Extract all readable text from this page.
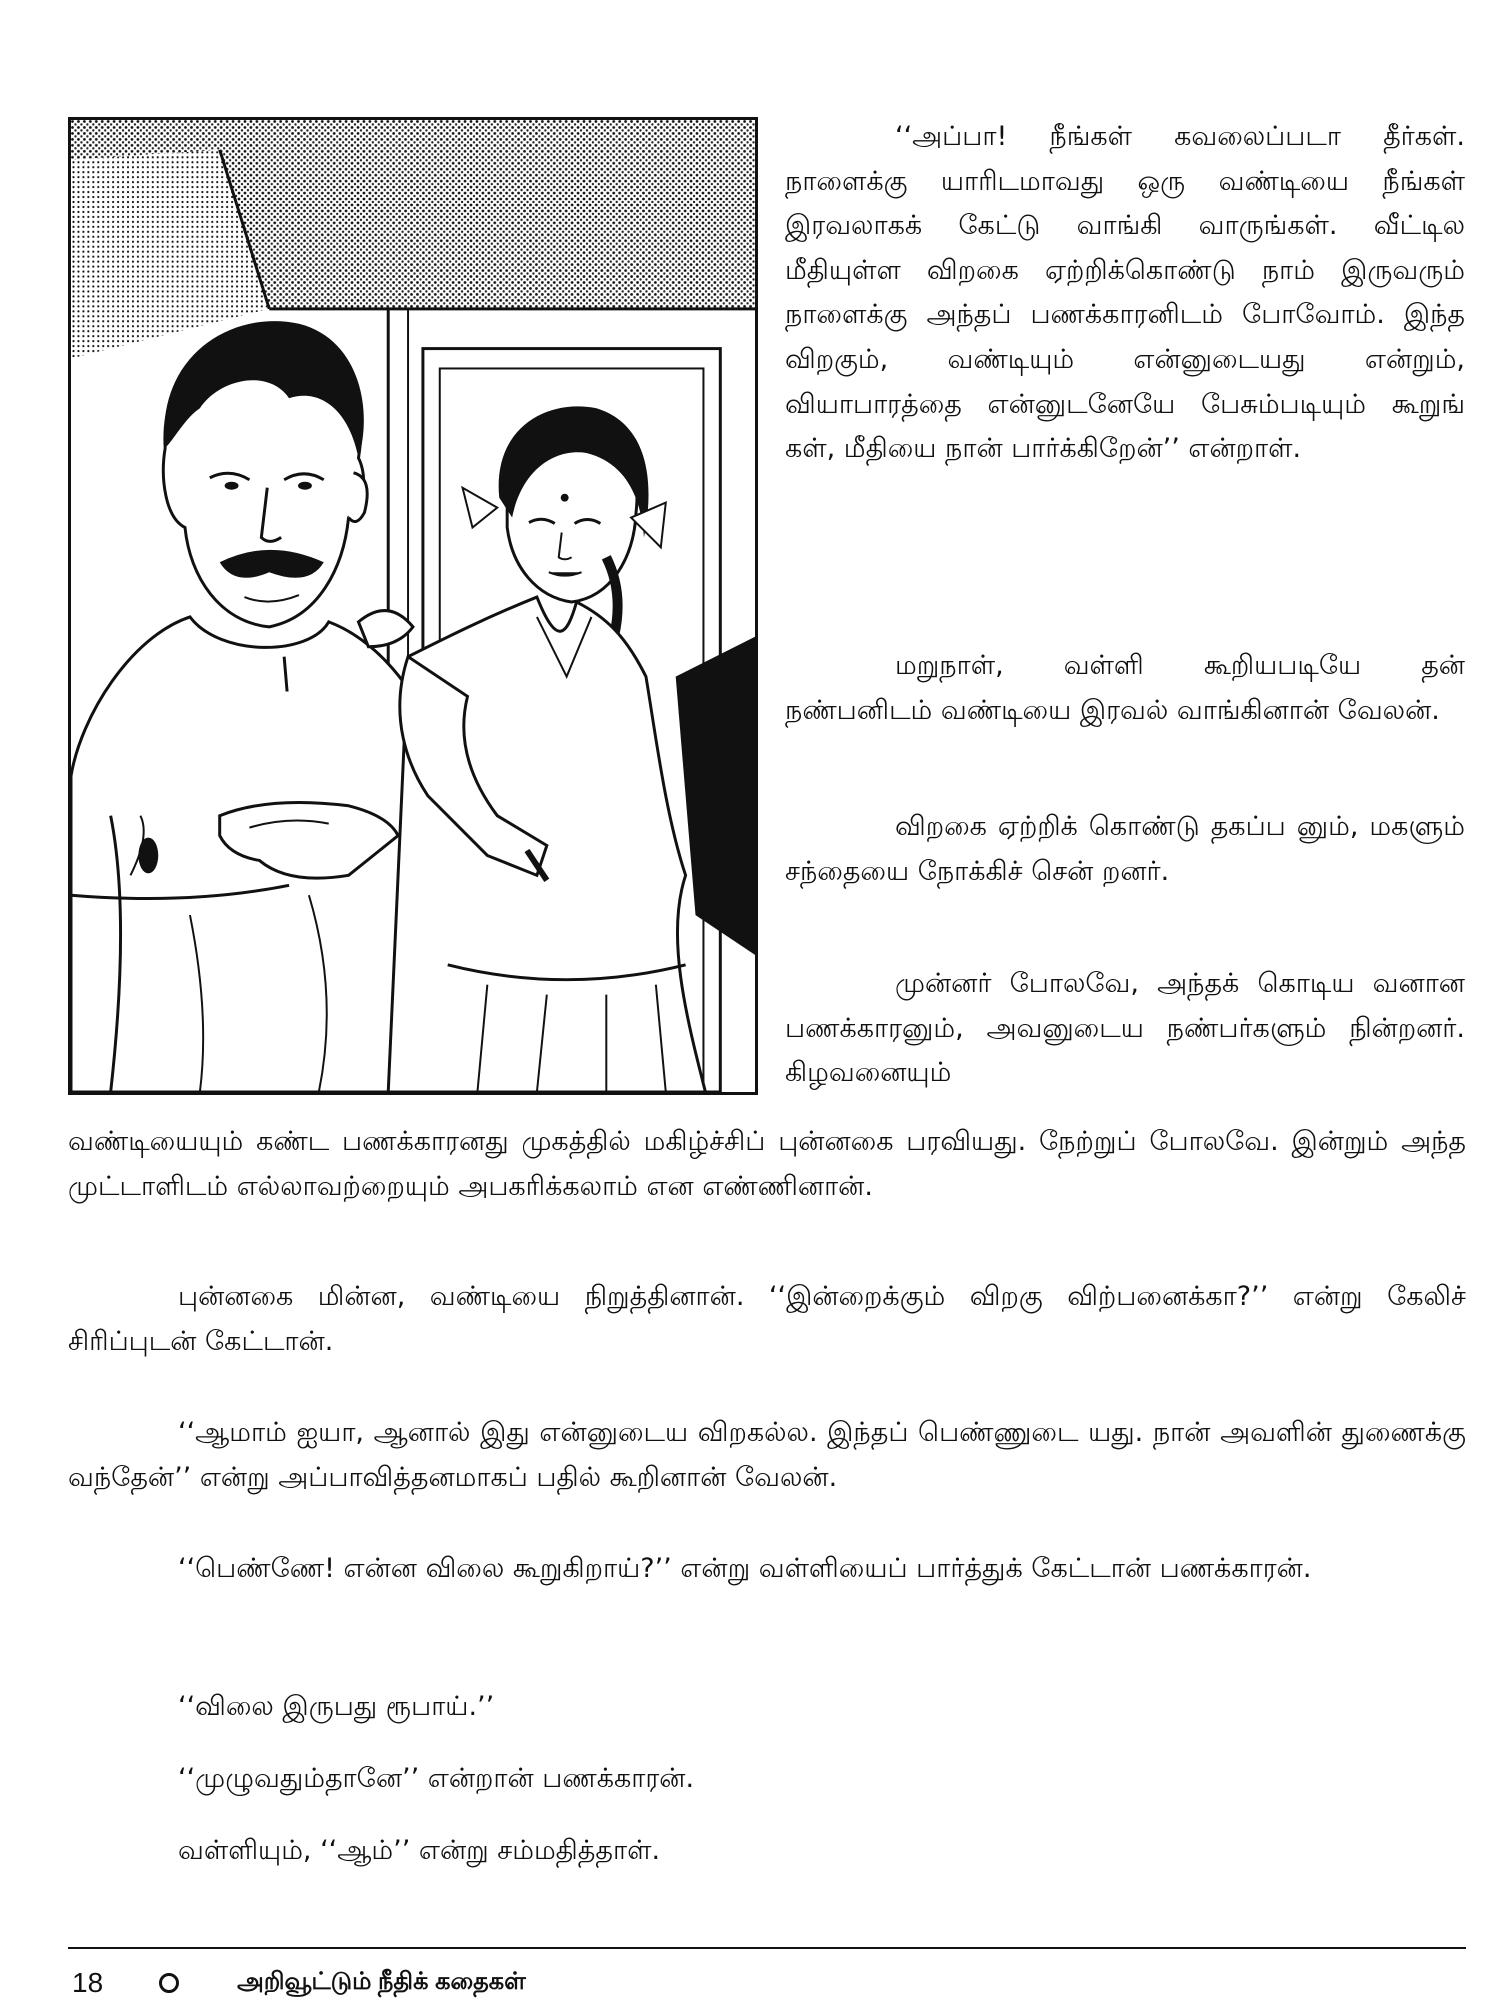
‘‘அப்பா! நீங்கள் கவலைப்படா தீர்கள். நாளைக்கு யாரிடமாவது ஒரு வண்டியை நீங்கள் இரவலாகக் கேட்டு வாங்கி வாருங்கள். வீட்டில மீதியுள்ள விறகை ஏற்றிக்கொண்டு நாம் இருவரும் நாளைக்கு அந்தப் பணக்காரனிடம் போவோம். இந்த விறகும், வண்டியும் என்னுடையது என்றும், வியாபாரத்தை என்னுடனேயே பேசும்படியும் கூறுங் கள், மீதியை நான் பார்க்கிறேன்’’ என்றாள்.

மறுநாள், வள்ளி கூறியபடியே தன் நண்பனிடம் வண்டியை இரவல் வாங்கினான் வேலன்.

விறகை ஏற்றிக் கொண்டு தகப்ப னும், மகளும் சந்தையை நோக்கிச் சென் றனர்.

முன்னர் போலவே, அந்தக் கொடிய வனான பணக்காரனும், அவனுடைய நண்பர்களும் நின்றனர். கிழவனையும்

வண்டியையும் கண்ட பணக்காரனது முகத்தில் மகிழ்ச்சிப் புன்னகை பரவியது. நேற்றுப் போலவே. இன்றும் அந்த முட்டாளிடம் எல்லாவற்றையும் அபகரிக்கலாம் என எண்ணினான்.

புன்னகை மின்ன, வண்டியை நிறுத்தினான். ‘‘இன்றைக்கும் விறகு விற்பனைக்கா?’’ என்று கேலிச் சிரிப்புடன் கேட்டான்.

‘‘ஆமாம் ஐயா, ஆனால் இது என்னுடைய விறகல்ல. இந்தப் பெண்ணுடை யது. நான் அவளின் துணைக்கு வந்தேன்’’ என்று அப்பாவித்தனமாகப் பதில் கூறினான் வேலன்.

‘‘பெண்ணே! என்ன விலை கூறுகிறாய்?’’ என்று வள்ளியைப் பார்த்துக் கேட்டான் பணக்காரன்.

‘‘விலை இருபது ரூபாய்.’’

‘‘முழுவதும்தானே’’ என்றான் பணக்காரன்.

வள்ளியும், ‘‘ஆம்’’ என்று சம்மதித்தாள்.

18	அறிவூட்டும் நீதிக் கதைகள்
